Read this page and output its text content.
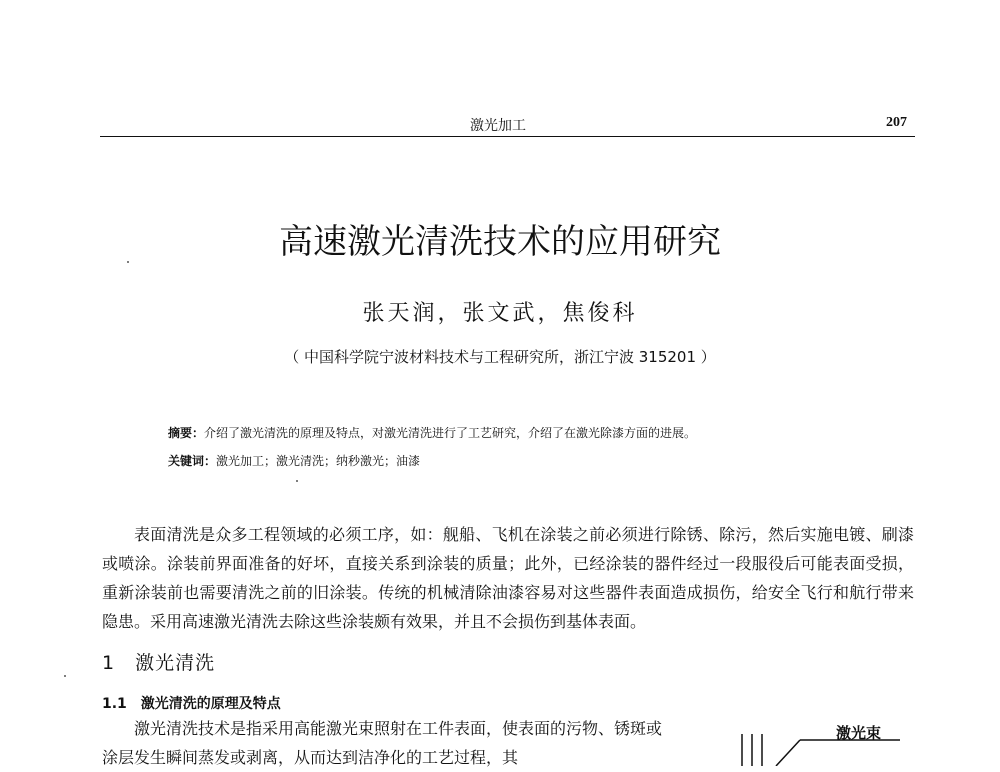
激光加工	207
高速激光清洗技术的应用研究
张天润，张文武，焦俊科
（ 中国科学院宁波材料技术与工程研究所，浙江宁波 315201 ）
摘要：介绍了激光清洗的原理及特点，对激光清洗进行了工艺研究，介绍了在激光除漆方面的进展。
关键词：激光加工；激光清洗；纳秒激光；油漆

表面清洗是众多工程领域的必须工序，如：舰船、飞机在涂装之前必须进行除锈、除污，然后实施电镀、刷漆或喷涂。涂装前界面准备的好坏，直接关系到涂装的质量；此外，已经涂装的器件经过一段服役后可能表面受损，重新涂装前也需要清洗之前的旧涂装。传统的机械清除油漆容易对这些器件表面造成损伤，给安全飞行和航行带来隐患。采用高速激光清洗去除这些涂装颇有效果，并且不会损伤到基体表面。

1　激光清洗
1.1　激光清洗的原理及特点

激光清洗技术是指采用高能激光束照射在工件表面，使表面的污物、锈斑或涂层发生瞬间蒸发或剥离，从而达到洁净化的工艺过程，其

激光束
